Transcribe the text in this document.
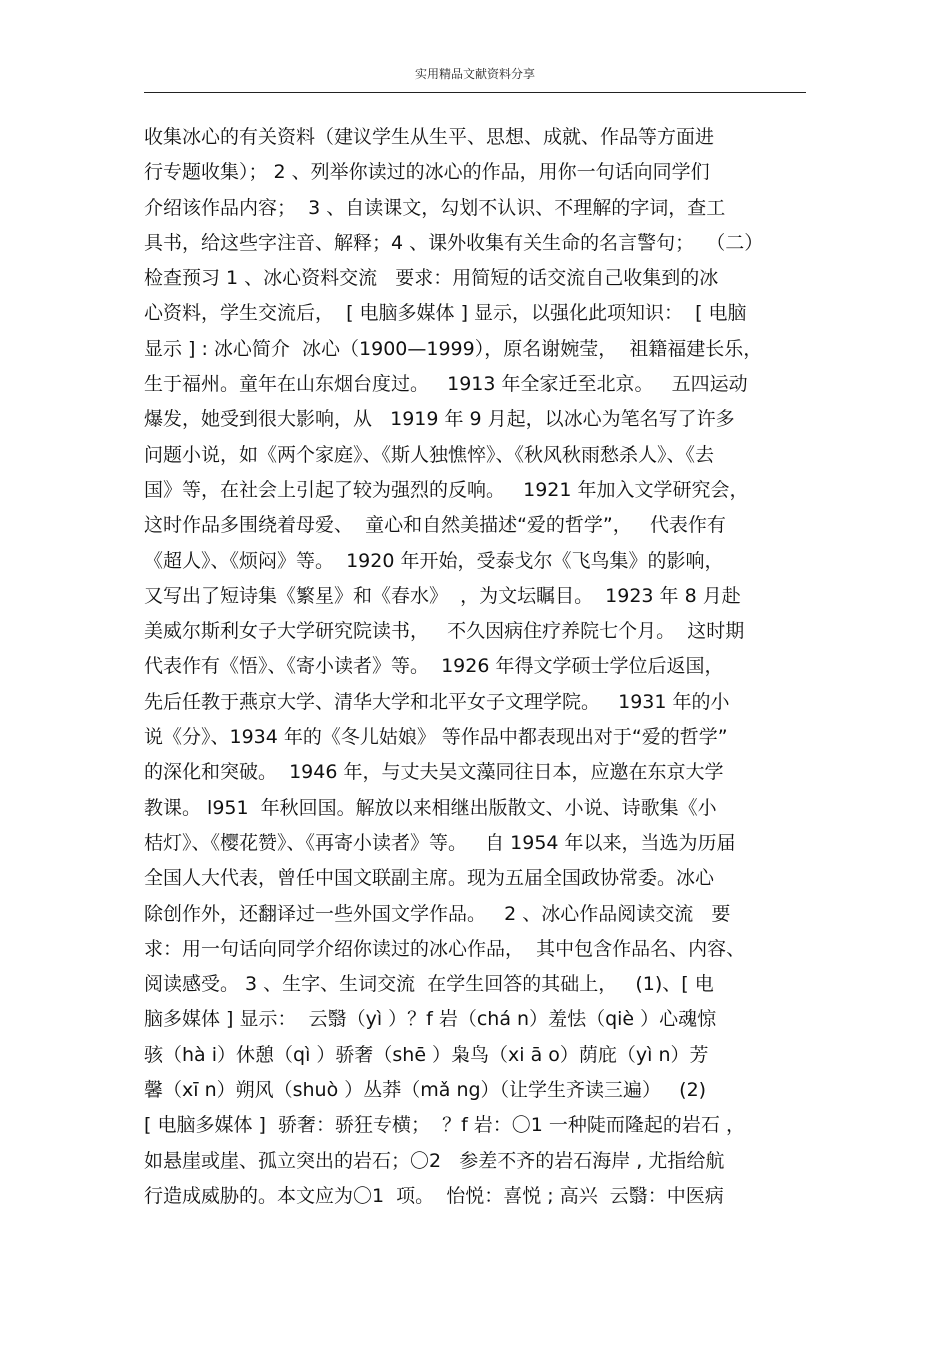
实用精品文献资料分享
收集冰心的有关资料（建议学生从生平、思想、成就、作品等方面进
行专题收集）； 2 、列举你读过的冰心的作品，用你一句话向同学们
介绍该作品内容；  3 、自读课文，勾划不认识、不理解的字词，查工
具书，给这些字注音、解释；4 、课外收集有关生命的名言警句；  （二）
检查预习 1 、冰心资料交流   要求：用简短的话交流自己收集到的冰
心资料，学生交流后，  [ 电脑多媒体 ] 显示，以强化此项知识：  [ 电脑
显示 ] : 冰心简介  冰心（1900—1999），原名谢婉莹，  祖籍福建长乐，
生于福州。童年在山东烟台度过。   1913 年全家迁至北京。   五四运动
爆发，她受到很大影响，从   1919 年 9 月起，以冰心为笔名写了许多
问题小说，如《两个家庭》、《斯人独憔悴》、《秋风秋雨愁杀人》、《去
国》等，在社会上引起了较为强烈的反响。   1921 年加入文学研究会，
这时作品多围绕着母爱、  童心和自然美描述“爱的哲学”，   代表作有
《超人》、《烦闷》等。  1920 年开始，受泰戈尔《飞鸟集》的影响，
又写出了短诗集《繁星》和《春水》  ，为文坛瞩目。  1923 年 8 月赴
美威尔斯利女子大学研究院读书，   不久因病住疗养院七个月。  这时期
代表作有《悟》、《寄小读者》等。  1926 年得文学硕士学位后返国，
先后任教于燕京大学、清华大学和北平女子文理学院。   1931 年的小
说《分》、1934 年的《冬儿姑娘》 等作品中都表现出对于“爱的哲学”
的深化和突破。  1946 年，与丈夫吴文藻同往日本，应邀在东京大学
教课。 l951  年秋回国。解放以来相继出版散文、小说、诗歌集《小
桔灯》、《樱花赞》、《再寄小读者》等。   自 1954 年以来，当选为历届
全国人大代表，曾任中国文联副主席。现为五届全国政协常委。冰心
除创作外，还翻译过一些外国文学作品。   2 、冰心作品阅读交流   要
求：用一句话向同学介绍你读过的冰心作品，  其中包含作品名、内容、
阅读感受。 3 、生字、生词交流  在学生回答的其础上，   (1)、[ 电
脑多媒体 ] 显示：  云翳（yì ）？f 岩（chá n）羞怯（qiè ）心魂惊
骇（hà i）休憩（qì ）骄奢（shē ）枭鸟（xi ā o）荫庇（yì n）芳
馨（xī n）朔风（shuò ）丛莽（mǎ ng）（让学生齐读三遍）   (2)
[ 电脑多媒体 ]  骄奢：骄狂专横；  ？f 岩：〇1 一种陡而隆起的岩石 ，
如悬崖或崖、孤立突出的岩石；〇2   参差不齐的岩石海岸 , 尤指给航
行造成威胁的。本文应为〇1  项。  怡悦：喜悦 ; 高兴  云翳：中医病
